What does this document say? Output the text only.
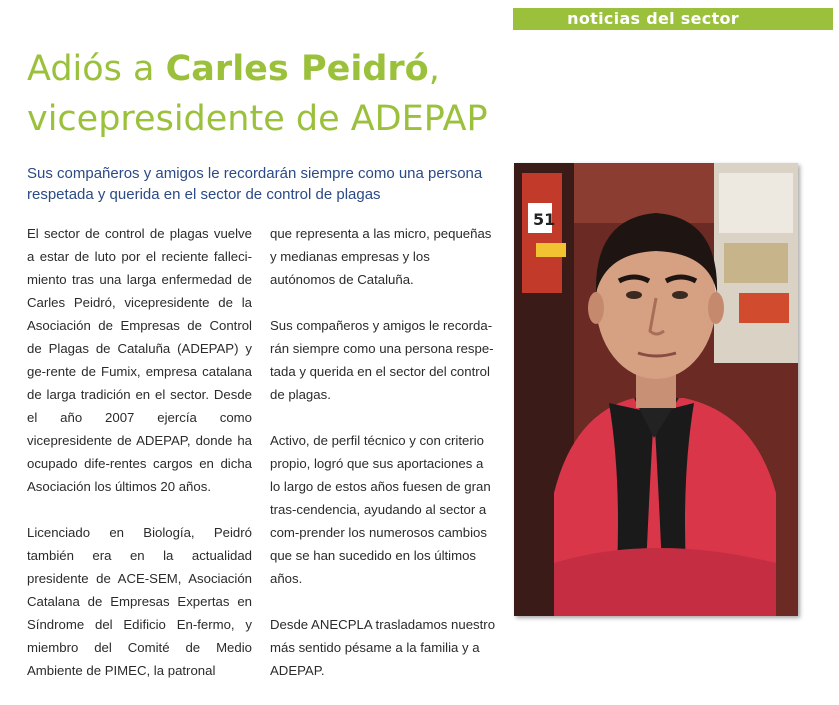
noticias del sector
Adiós a Carles Peidró,
vicepresidente de ADEPAP
Sus compañeros y amigos le recordarán siempre como una persona respetada y querida en el sector de control de plagas

El sector de control de plagas vuelve a estar de luto por el reciente falleci-miento tras una larga enfermedad de Carles Peidró, vicepresidente de la Asociación de Empresas de Control de Plagas de Cataluña (ADEPAP) y ge-rente de Fumix, empresa catalana de larga tradición en el sector. Desde el año 2007 ejercía como vicepresidente de ADEPAP, donde ha ocupado dife-rentes cargos en dicha Asociación los últimos 20 años.

Licenciado en Biología, Peidró también era en la actualidad presidente de ACE-SEM, Asociación Catalana de Empresas Expertas en Síndrome del Edificio En-fermo, y miembro del Comité de Medio Ambiente de PIMEC, la patronal

que representa a las micro, pequeñas y medianas empresas y los autónomos de Cataluña.

Sus compañeros y amigos le recorda-rán siempre como una persona respe-tada y querida en el sector del control de plagas.

Activo, de perfil técnico y con criterio propio, logró que sus aportaciones a lo largo de estos años fuesen de gran tras-cendencia, ayudando al sector a com-prender los numerosos cambios que se han sucedido en los últimos años.

Desde ANECPLA trasladamos nuestro más sentido pésame a la familia y a ADEPAP.

51
